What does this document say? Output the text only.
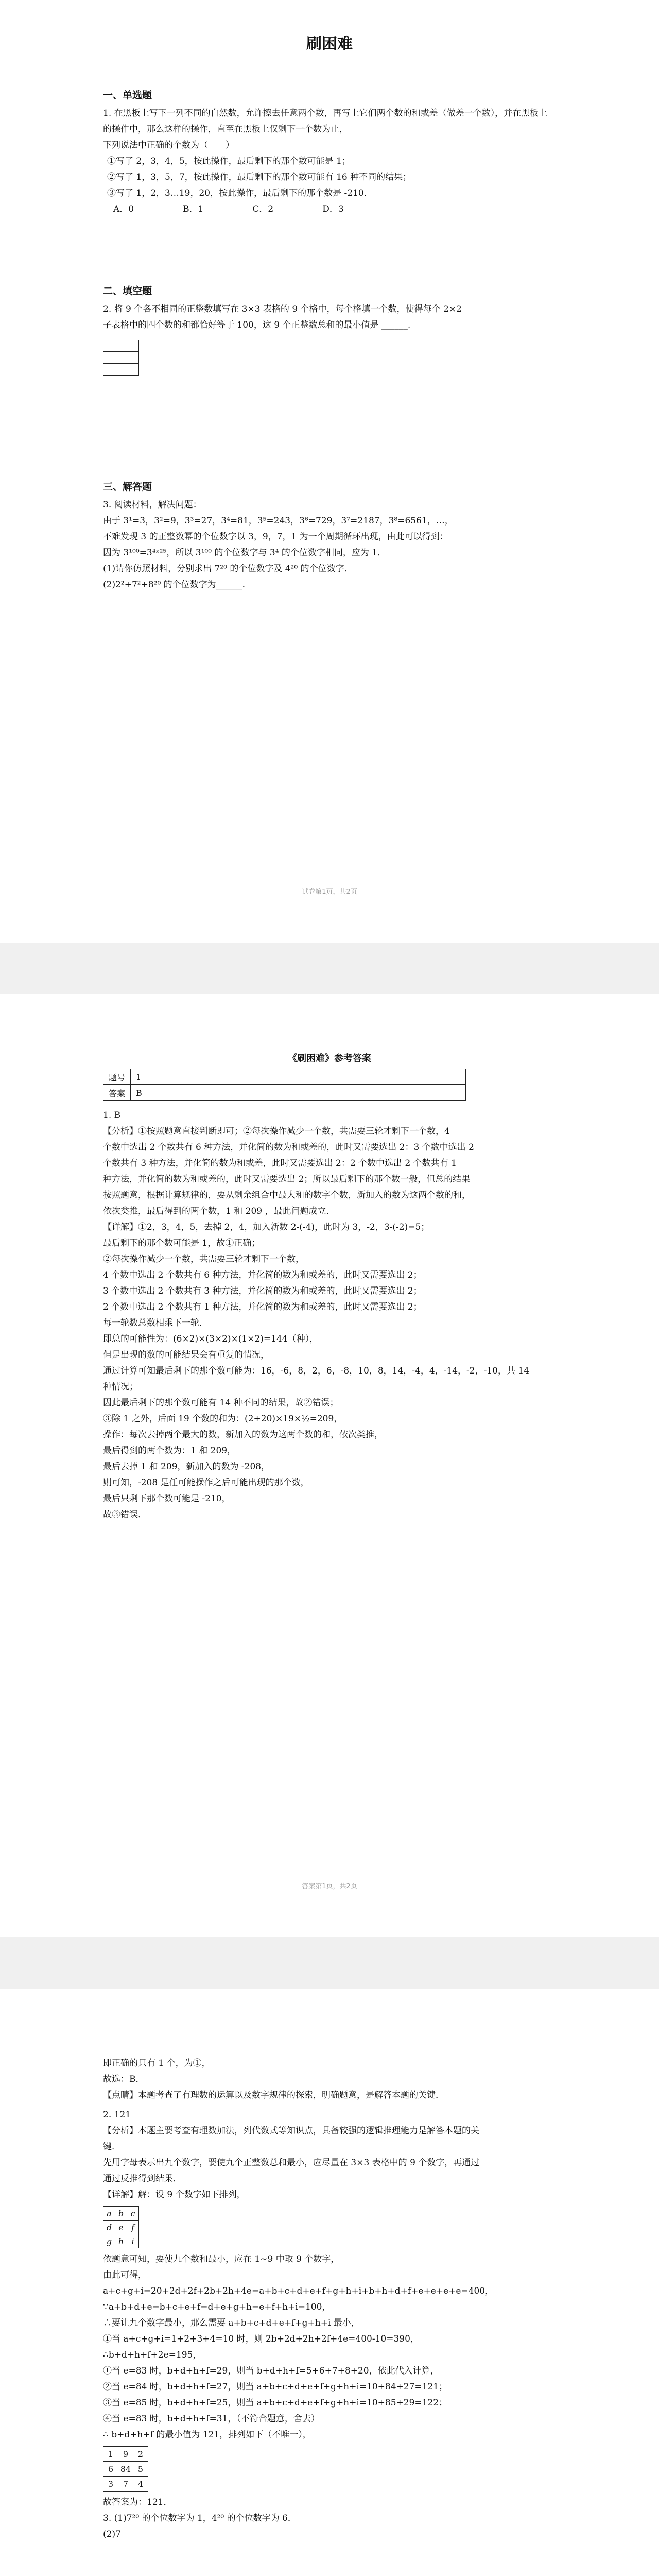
刷困难

一、单选题

1. 在黑板上写下一列不同的自然数，允许擦去任意两个数，再写上它们两个数的和或差（做差一个数），并在黑板上的操作中，那么这样的操作，直至在黑板上仅剩下一个数为止，

下列说法中正确的个数为（　　）

①写了 2，3，4，5，按此操作，最后剩下的那个数可能是 1；

②写了 1，3，5，7，按此操作，最后剩下的那个数可能有 16 种不同的结果；

③写了 1，2，3…19，20，按此操作，最后剩下的那个数是 -210．

A．0	B．1	C．2	D．3

二、填空题

2. 将 9 个各不相同的正整数填写在 3×3 表格的 9 个格中，每个格填一个数，使得每个 2×2

子表格中的四个数的和都恰好等于 100，这 9 个正整数总和的最小值是 ______.

三、解答题

3. 阅读材料，解决问题：

由于 3¹=3，3²=9，3³=27，3⁴=81，3⁵=243，3⁶=729，3⁷=2187，3⁸=6561，…，

不难发现 3 的正整数幂的个位数字以 3，9，7，1 为一个周期循环出现，由此可以得到：

因为 3¹⁰⁰=3⁴ˣ²⁵，所以 3¹⁰⁰ 的个位数字与 3⁴ 的个位数字相同，应为 1．

(1)请你仿照材料，分别求出 7²⁰ 的个位数字及 4²⁰ 的个位数字．

(2)2²+7²+8²⁰ 的个位数字为______.

试卷第1页，共2页

《刷困难》参考答案

题号	1
答案	B

1. B

【分析】①按照题意直接判断即可；②每次操作减少一个数，共需要三轮才剩下一个数，4

个数中选出 2 个数共有 6 种方法，并化简的数为和或差的，此时又需要选出 2：3 个数中选出 2

个数共有 3 种方法，并化简的数为和或差，此时又需要选出 2：2 个数中选出 2 个数共有 1

种方法，并化简的数为和或差的，此时又需要选出 2；所以最后剩下的那个数一般，但总的结果

按照题意，根据计算规律的，要从剩余组合中最大和的数字个数，新加入的数为这两个数的和，

依次类推，最后得到的两个数，1 和 209 ，最此问题成立．

【详解】①2，3，4，5，去掉 2，4，加入新数 2-(-4)，此时为 3，-2，3-(-2)=5；

最后剩下的那个数可能是 1，故①正确；

②每次操作减少一个数，共需要三轮才剩下一个数，

4 个数中选出 2 个数共有 6 种方法，并化简的数为和或差的，此时又需要选出 2；

3 个数中选出 2 个数共有 3 种方法，并化简的数为和或差的，此时又需要选出 2；

2 个数中选出 2 个数共有 1 种方法，并化简的数为和或差的，此时又需要选出 2；

每一轮数总数相乘下一轮．

即总的可能性为：(6×2)×(3×2)×(1×2)=144（种），

但是出现的数的可能结果会有重复的情况，

通过计算可知最后剩下的那个数可能为：16，-6，8，2，6，-8，10，8，14，-4，4，-14，-2，-10，共 14

种情况；

因此最后剩下的那个数可能有 14 种不同的结果，故②错误；

③除 1 之外，后面 19 个数的和为：(2+20)×19×½=209，

操作：每次去掉两个最大的数，新加入的数为这两个数的和，依次类推，

最后得到的两个数为：1 和 209，

最后去掉 1 和 209，新加入的数为 -208，

则可知，-208 是任可能操作之后可能出现的那个数，

最后只剩下那个数可能是 -210，

故③错误．

答案第1页，共2页

即正确的只有 1 个，为①，

故选：B．

【点睛】本题考查了有理数的运算以及数字规律的探索，明确题意，是解答本题的关键．

2. 121

【分析】本题主要考查有理数加法，列代数式等知识点，具备较强的逻辑推理能力是解答本题的关

键．

先用字母表示出九个数字，要使九个正整数总和最小，应尽量在 3×3 表格中的 9 个数字，再通过

通过反推得到结果．

【详解】解：设 9 个数字如下排列，

a	b	c
d	e	f
g	h	i

依题意可知，要使九个数和最小，应在 1~9 中取 9 个数字，

由此可得，

a+c+g+i=20+2d+2f+2b+2h+4e=a+b+c+d+e+f+g+h+i+b+h+d+f+e+e+e+e=400，

∵a+b+d+e=b+c+e+f=d+e+g+h=e+f+h+i=100，

∴要让九个数字最小，那么需要 a+b+c+d+e+f+g+h+i 最小，

①当 a+c+g+i=1+2+3+4=10 时，则 2b+2d+2h+2f+4e=400-10=390，

∴b+d+h+f+2e=195，

①当 e=83 时，b+d+h+f=29，则当 b+d+h+f=5+6+7+8+20，依此代入计算，

②当 e=84 时，b+d+h+f=27，则当 a+b+c+d+e+f+g+h+i=10+84+27=121；

③当 e=85 时，b+d+h+f=25，则当 a+b+c+d+e+f+g+h+i=10+85+29=122；

④当 e=83 时，b+d+h+f=31，（不符合题意，舍去）

∴ b+d+h+f 的最小值为 121，排列如下（不唯一），

1	9	2
6	84	5
3	7	4

故答案为：121．

3. (1)7²⁰ 的个位数字为 1，4²⁰ 的个位数字为 6．

(2)7
